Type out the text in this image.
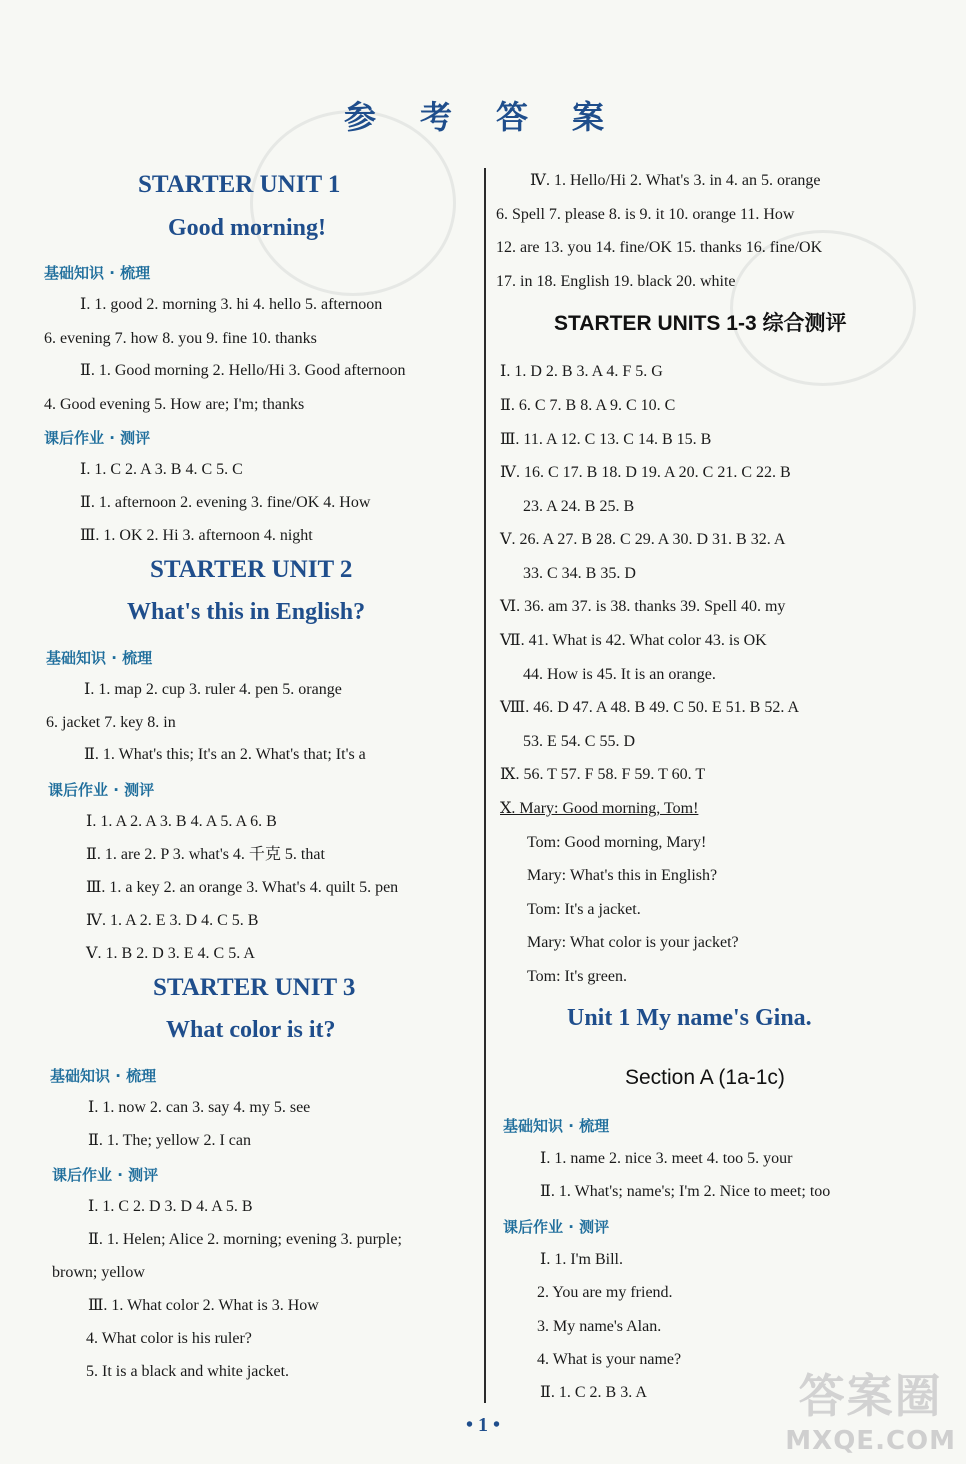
参 考 答 案
STARTER UNIT 1
Good morning!
基础知识 · 梳理
Ⅰ. 1. good 2. morning 3. hi 4. hello 5. afternoon
6. evening 7. how 8. you 9. fine 10. thanks
Ⅱ. 1. Good morning 2. Hello/Hi 3. Good afternoon
4. Good evening 5. How are; I'm; thanks
课后作业 · 测评
Ⅰ. 1. C 2. A 3. B 4. C 5. C
Ⅱ. 1. afternoon 2. evening 3. fine/OK 4. How
Ⅲ. 1. OK 2. Hi 3. afternoon 4. night
STARTER UNIT 2
What's this in English?
基础知识 · 梳理
Ⅰ. 1. map 2. cup 3. ruler 4. pen 5. orange
6. jacket 7. key 8. in
Ⅱ. 1. What's this; It's an 2. What's that; It's a
课后作业 · 测评
Ⅰ. 1. A 2. A 3. B 4. A 5. A 6. B
Ⅱ. 1. are 2. P 3. what's 4. 千克 5. that
Ⅲ. 1. a key 2. an orange 3. What's 4. quilt 5. pen
Ⅳ. 1. A 2. E 3. D 4. C 5. B
Ⅴ. 1. B 2. D 3. E 4. C 5. A
STARTER UNIT 3
What color is it?
基础知识 · 梳理
Ⅰ. 1. now 2. can 3. say 4. my 5. see
Ⅱ. 1. The; yellow 2. I can
课后作业 · 测评
Ⅰ. 1. C 2. D 3. D 4. A 5. B
Ⅱ. 1. Helen; Alice 2. morning; evening 3. purple;
brown; yellow
Ⅲ. 1. What color 2. What is 3. How
4. What color is his ruler?
5. It is a black and white jacket.
Ⅳ. 1. Hello/Hi 2. What's 3. in 4. an 5. orange
6. Spell 7. please 8. is 9. it 10. orange 11. How
12. are 13. you 14. fine/OK 15. thanks 16. fine/OK
17. in 18. English 19. black 20. white
STARTER UNITS 1-3 综合测评
Ⅰ. 1. D 2. B 3. A 4. F 5. G
Ⅱ. 6. C 7. B 8. A 9. C 10. C
Ⅲ. 11. A 12. C 13. C 14. B 15. B
Ⅳ. 16. C 17. B 18. D 19. A 20. C 21. C 22. B
23. A 24. B 25. B
Ⅴ. 26. A 27. B 28. C 29. A 30. D 31. B 32. A
33. C 34. B 35. D
Ⅵ. 36. am 37. is 38. thanks 39. Spell 40. my
Ⅶ. 41. What is 42. What color 43. is OK
44. How is 45. It is an orange.
Ⅷ. 46. D 47. A 48. B 49. C 50. E 51. B 52. A
53. E 54. C 55. D
Ⅸ. 56. T 57. F 58. F 59. T 60. T
Ⅹ. Mary: Good morning, Tom!
Tom: Good morning, Mary!
Mary: What's this in English?
Tom: It's a jacket.
Mary: What color is your jacket?
Tom: It's green.
Unit 1 My name's Gina.
Section A (1a-1c)
基础知识 · 梳理
Ⅰ. 1. name 2. nice 3. meet 4. too 5. your
Ⅱ. 1. What's; name's; I'm 2. Nice to meet; too
课后作业 · 测评
Ⅰ. 1. I'm Bill.
2. You are my friend.
3. My name's Alan.
4. What is your name?
Ⅱ. 1. C 2. B 3. A
• 1 •
答案圈
MXQE.COM
